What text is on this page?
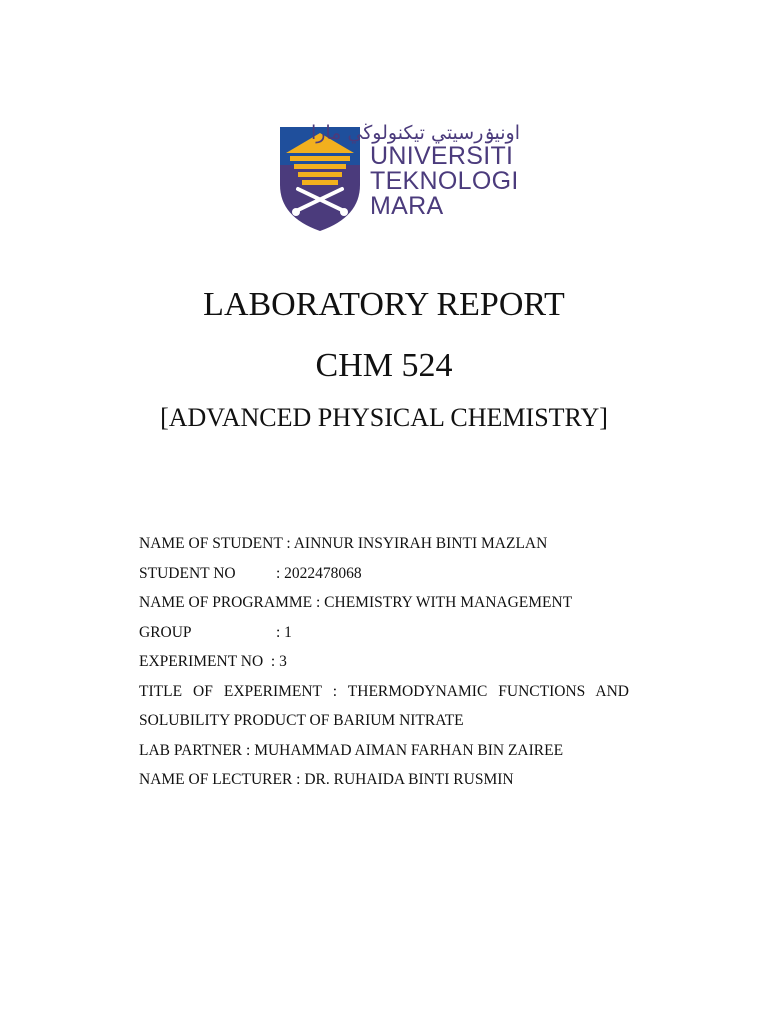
اونيۏرسيتي تيكنولوڬي مارا
UNIVERSITI
TEKNOLOGI
MARA
LABORATORY REPORT
CHM 524
[ADVANCED PHYSICAL CHEMISTRY]
NAME OF STUDENT : AINNUR INSYIRAH BINTI MAZLAN
STUDENT NO	: 2022478068
NAME OF PROGRAMME : CHEMISTRY WITH MANAGEMENT
GROUP	: 1
EXPERIMENT NO  : 3
TITLE OF EXPERIMENT : THERMODYNAMIC FUNCTIONS AND
SOLUBILITY PRODUCT OF BARIUM NITRATE
LAB PARTNER : MUHAMMAD AIMAN FARHAN BIN ZAIREE
NAME OF LECTURER : DR. RUHAIDA BINTI RUSMIN
